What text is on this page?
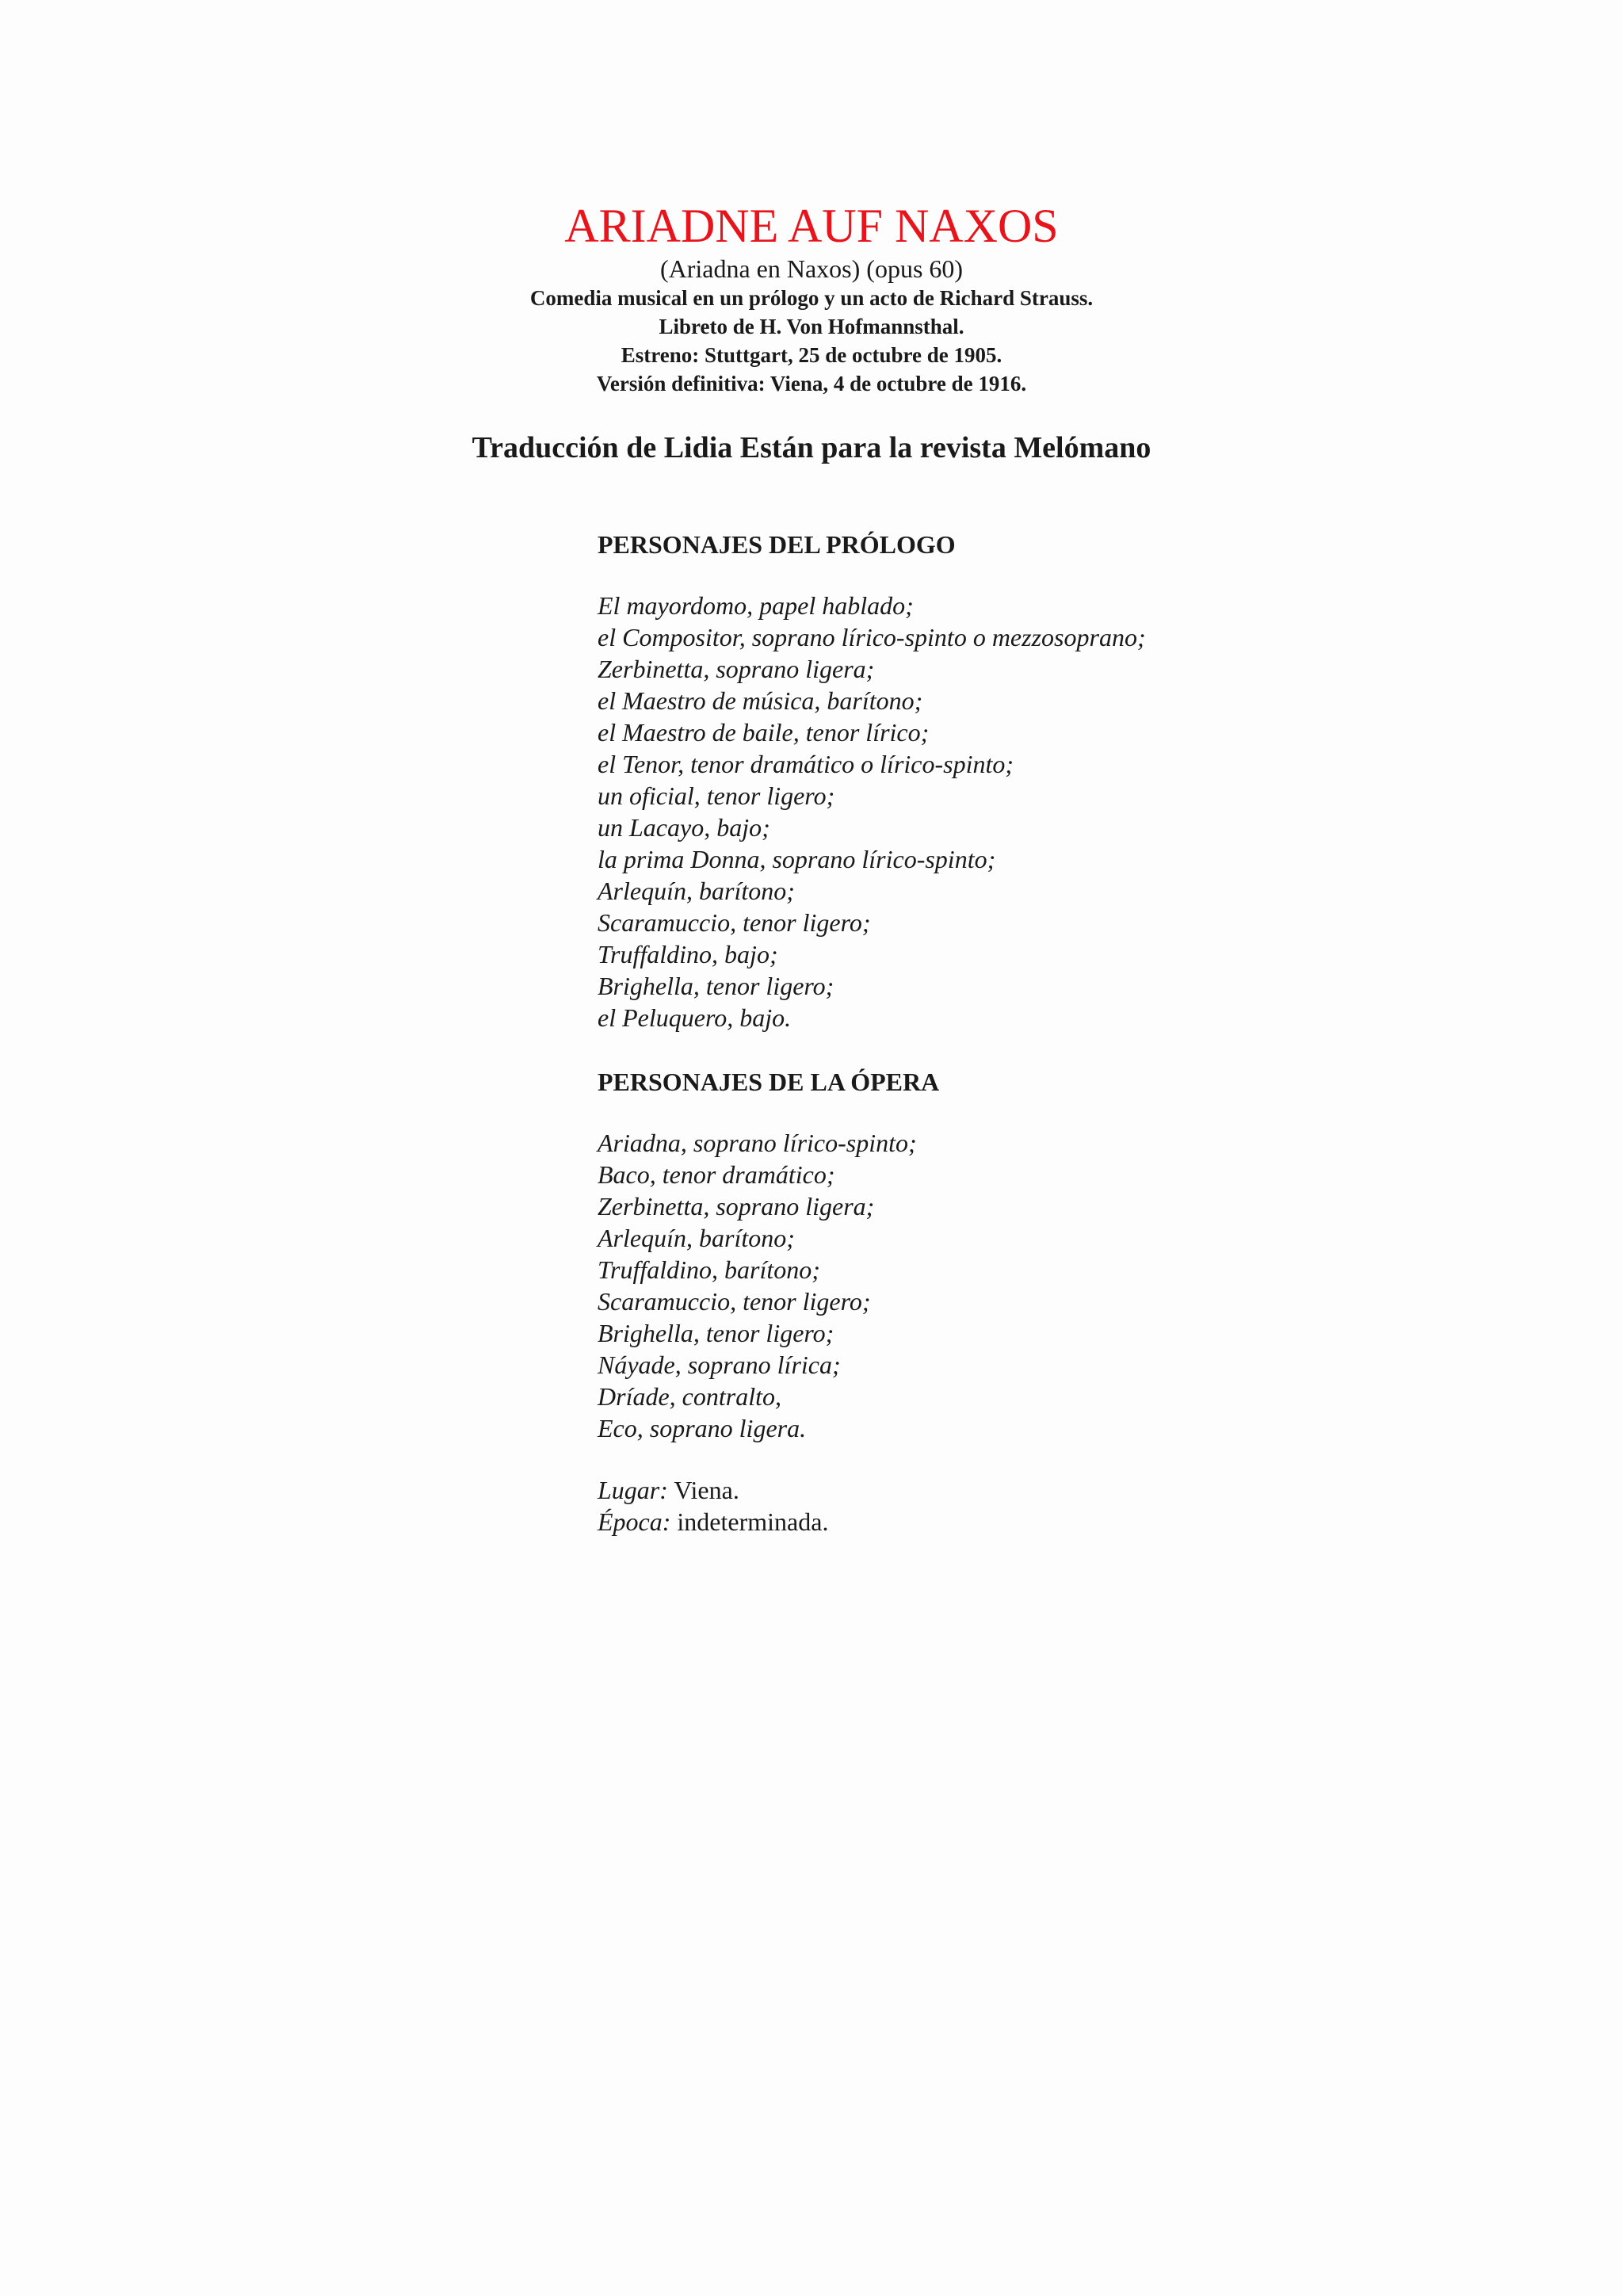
ARIADNE AUF NAXOS

(Ariadna en Naxos) (opus 60)

Comedia musical en un prólogo y un acto de Richard Strauss.

Libreto de H. Von Hofmannsthal.

Estreno: Stuttgart, 25 de octubre de 1905.

Versión definitiva: Viena, 4 de octubre de 1916.

Traducción de Lidia Están para la revista Melómano

PERSONAJES DEL PRÓLOGO
El mayordomo, papel hablado;
el Compositor, soprano lírico-spinto o mezzosoprano;
Zerbinetta, soprano ligera;
el Maestro de música, barítono;
el Maestro de baile, tenor lírico;
el Tenor, tenor dramático o lírico-spinto;
un oficial, tenor ligero;
un Lacayo, bajo;
la prima Donna, soprano lírico-spinto;
Arlequín, barítono;
Scaramuccio, tenor ligero;
Truffaldino, bajo;
Brighella, tenor ligero;
el Peluquero, bajo.
PERSONAJES DE LA ÓPERA
Ariadna, soprano lírico-spinto;
Baco, tenor dramático;
Zerbinetta, soprano ligera;
Arlequín, barítono;
Truffaldino, barítono;
Scaramuccio, tenor ligero;
Brighella, tenor ligero;
Náyade, soprano lírica;
Dríade, contralto,
Eco, soprano ligera.

Lugar: Viena.

Época: indeterminada.
